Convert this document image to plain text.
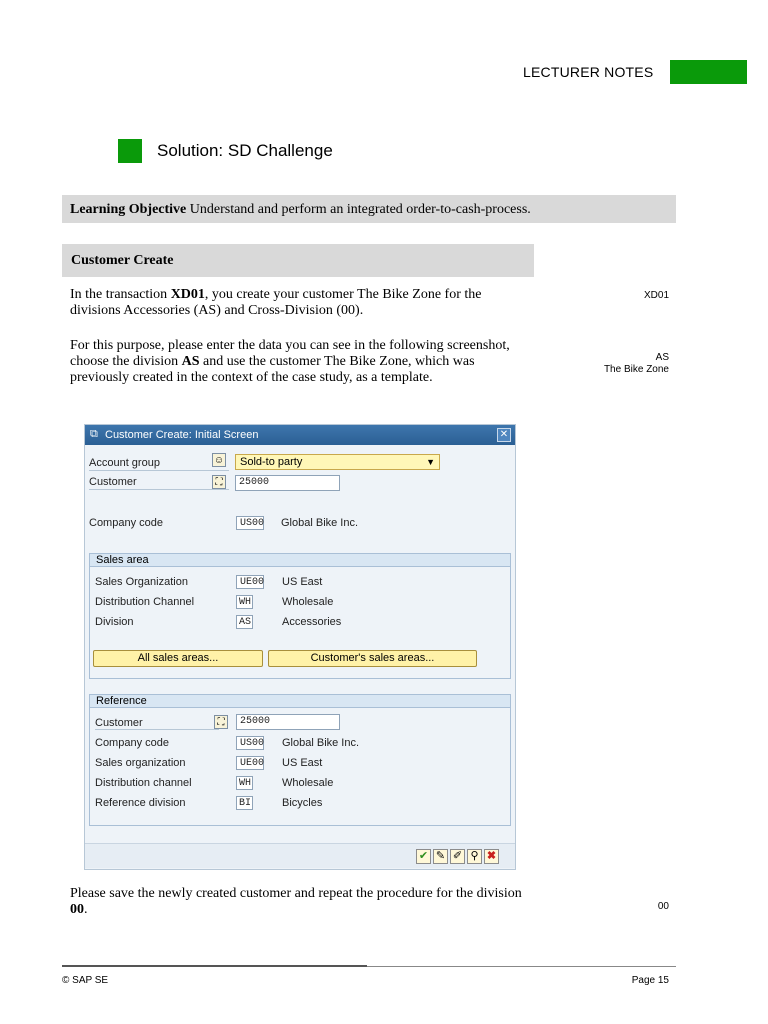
LECTURER NOTES
Solution: SD Challenge
Learning Objective Understand and perform an integrated order-to-cash-process.
Customer Create
In the transaction XD01, you create your customer The Bike Zone for the divisions Accessories (AS) and Cross-Division (00).
XD01
For this purpose, please enter the data you can see in the following screenshot, choose the division AS and use the customer The Bike Zone, which was previously created in the context of the case study, as a template.
AS
The Bike Zone
⧉ Customer Create: Initial Screen	✕
Account group	☺	Sold-to party	▼
Customer	⛶	25000
Company code	US00 Global Bike Inc.
Sales area
Sales Organization	UE00 US East
Distribution Channel	WH	Wholesale
Division	AS	Accessories
All sales areas...	Customer's sales areas...
Reference
Customer	⛶	25000
Company code	US00 Global Bike Inc.
Sales organization	UE00 US East
Distribution channel	WH	Wholesale
Reference division	BI	Bicycles
✔ ✎ ✐ ⚲ ✖
Please save the newly created customer and repeat the procedure for the division 00.	00
© SAP SE	Page 15
